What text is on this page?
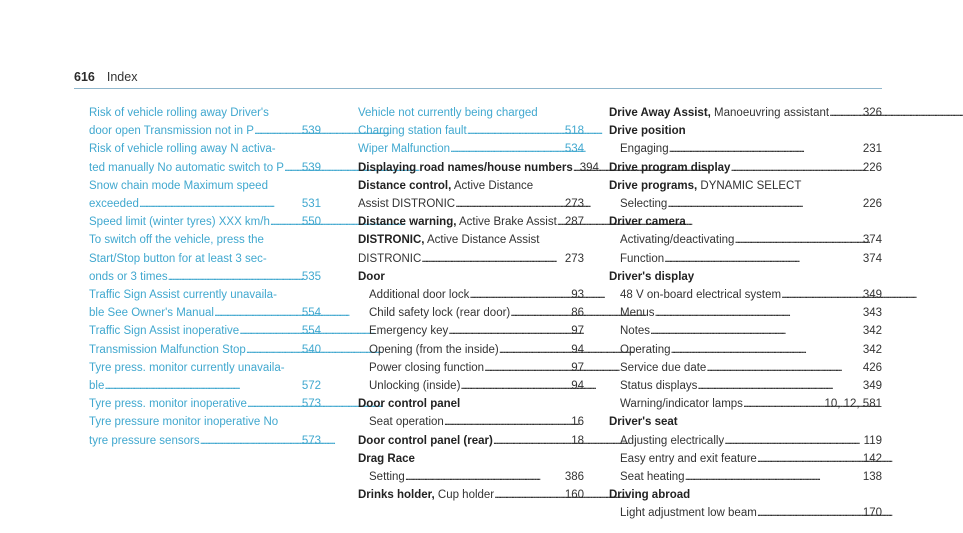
616 Index
Risk of vehicle rolling away Driver's
door open Transmission not in P . . .	539
Risk of vehicle rolling away N activa-
ted manually No automatic switch to P . . . 539
Snow chain mode Maximum speed
exceeded . . .	531
Speed limit (winter tyres) XXX km/h . . .	550
To switch off the vehicle, press the
Start/Stop button for at least 3 sec-
onds or 3 times . . .	535
Traffic Sign Assist currently unavaila-
ble See Owner's Manual . . .	554
Traffic Sign Assist inoperative . . .	554
Transmission Malfunction Stop . . .	540
Tyre press. monitor currently unavaila-
ble . . .	572
Tyre press. monitor inoperative . . .	573
Tyre pressure monitor inoperative No
tyre pressure sensors . . .	573
Vehicle not currently being charged
Charging station fault . . .	518
Wiper Malfunction . . .	534
Displaying road names/house numbers . . . 394
Distance control, Active Distance
Assist DISTRONIC . . .	273
Distance warning, Active Brake Assist . . . 287
DISTRONIC, Active Distance Assist
DISTRONIC . . .	273
Door
Additional door lock . . .	93
Child safety lock (rear door) . . .	86
Emergency key . . .	97
Opening (from the inside) . . .	94
Power closing function . . .	97
Unlocking (inside) . . .	94
Door control panel
Seat operation . . .	16
Door control panel (rear) . . .	18
Drag Race
Setting . . .	386
Drinks holder, Cup holder . . .	160
Drive Away Assist, Manoeuvring assistant . . .	326
Drive position
Engaging . . .	231
Drive program display . . .	226
Drive programs, DYNAMIC SELECT
Selecting . . .	226
Driver camera
Activating/deactivating . . .	374
Function . . .	374
Driver's display
48 V on-board electrical system . . .	349
Menus . . .	343
Notes . . .	342
Operating . . .	342
Service due date . . .	426
Status displays . . .	349
Warning/indicator lamps . . .	10, 12, 581
Driver's seat
Adjusting electrically . . .	119
Easy entry and exit feature . . .	142
Seat heating . . .	138
Driving abroad
Light adjustment low beam . . .	170
